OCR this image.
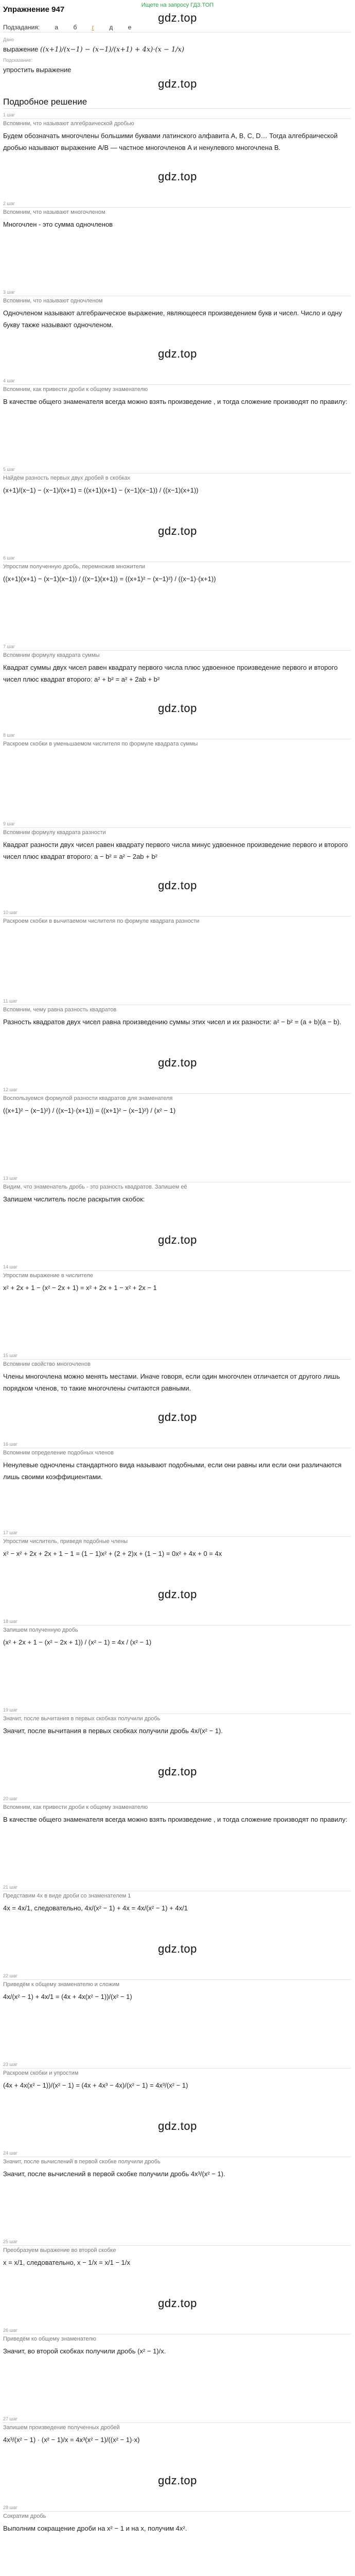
Ищете на запросу ГДЗ.ТОП
Упражнение 947
gdz.top
Подзадания: а б г д е
Дано
выражение ((x+1)/(x−1) − (x−1)/(x+1) + 4x)·(x − 1/x)
Подсказание:
упростить выражение
gdz.top
Подробное решение
1 шаг
Вспомним, что называют алгебраической дробью
Будем обозначать многочлены большими буквами латинского алфавита A, B, C, D… Тогда алгебраической дробью называют выражение A/B — частное многочленов A и ненулевого многочлена B.
gdz.top
2 шаг
Вспомним, что называют многочленом
Многочлен - это сумма одночленов
3 шаг
Вспомним, что называют одночленом
Одночленом называют алгебраическое выражение, являющееся произведением букв и чисел. Число и одну букву также называют одночленом.
gdz.top
4 шаг
Вспомним, как привести дроби к общему знаменателю
В качестве общего знаменателя всегда можно взять произведение , и тогда сложение производят по правилу:
5 шаг
Найдём разность первых двух дробей в скобках
(x+1)/(x−1) − (x−1)/(x+1) = ((x+1)(x+1) − (x−1)(x−1)) / ((x−1)(x+1))
gdz.top
6 шаг
Упростим полученную дробь, перемножив множители
((x+1)(x+1) − (x−1)(x−1)) / ((x−1)(x+1)) = ((x+1)² − (x−1)²) / ((x−1)·(x+1))
7 шаг
Вспомним формулу квадрата суммы
Квадрат суммы двух чисел равен квадрату первого числа плюс удвоенное произведение первого и второго чисел плюс квадрат второго: a² + b² = a² + 2ab + b²
gdz.top
8 шаг
Раскроем скобки в уменьшаемом числителя по формуле квадрата суммы
9 шаг
Вспомним формулу квадрата разности
Квадрат разности двух чисел равен квадрату первого числа минус удвоенное произведение первого и второго чисел плюс квадрат второго: a − b² = a² − 2ab + b²
gdz.top
10 шаг
Раскроем скобки в вычитаемом числителя по формуле квадрата разности
11 шаг
Вспомним, чему равна разность квадратов
Разность квадратов двух чисел равна произведению суммы этих чисел и их разности: a² − b² = (a + b)(a − b).
gdz.top
12 шаг
Воспользуемся формулой разности квадратов для знаменателя
((x+1)² − (x−1)²) / ((x−1)·(x+1)) = ((x+1)² − (x−1)²) / (x² − 1)
13 шаг
Видим, что знаменатель дробь - это разность квадратов. Запишем её
Запишем числитель после раскрытия скобок:
gdz.top
14 шаг
Упростим выражение в числителе
x² + 2x + 1 − (x² − 2x + 1) = x² + 2x + 1 − x² + 2x − 1
15 шаг
Вспомним свойство многочленов
Члены многочлена можно менять местами. Иначе говоря, если один многочлен отличается от другого лишь порядком членов, то такие многочлены считаются равными.
gdz.top
16 шаг
Вспомним определение подобных членов
Ненулевые одночлены стандартного вида называют подобными, если они равны или если они различаются лишь своими коэффициентами.
17 шаг
Упростим числитель, приведя подобные члены
x² − x² + 2x + 2x + 1 − 1 = (1 − 1)x² + (2 + 2)x + (1 − 1) = 0x² + 4x + 0 = 4x
gdz.top
18 шаг
Запишем полученную дробь
(x² + 2x + 1 − (x² − 2x + 1)) / (x² − 1) = 4x / (x² − 1)
19 шаг
Значит, после вычитания в первых скобках получили дробь
Значит, после вычитания в первых скобках получили дробь 4x/(x² − 1).
gdz.top
20 шаг
Вспомним, как привести дроби к общему знаменателю
В качестве общего знаменателя всегда можно взять произведение , и тогда сложение производят по правилу:
21 шаг
Представим 4x в виде дроби со знаменателем 1
4x = 4x/1, следовательно, 4x/(x² − 1) + 4x = 4x/(x² − 1) + 4x/1
gdz.top
22 шаг
Приведём к общему знаменателю и сложим
4x/(x² − 1) + 4x/1 = (4x + 4x(x² − 1))/(x² − 1)
23 шаг
Раскроем скобки и упростим
(4x + 4x(x² − 1))/(x² − 1) = (4x + 4x³ − 4x)/(x² − 1) = 4x³/(x² − 1)
gdz.top
24 шаг
Значит, после вычислений в первой скобке получили дробь
Значит, после вычислений в первой скобке получили дробь 4x³/(x² − 1).
25 шаг
Преобразуем выражение во второй скобке
x = x/1, следовательно, x − 1/x = x/1 − 1/x
gdz.top
26 шаг
Приведём ко общему знаменателю
Значит, во второй скобках получили дробь (x² − 1)/x.
27 шаг
Запишем произведение полученных дробей
4x³/(x² − 1) · (x² − 1)/x = 4x³(x² − 1)/((x² − 1)·x)
gdz.top
28 шаг
Сократим дробь
Выполним сокращение дроби на x² − 1 и на x, получим 4x².
